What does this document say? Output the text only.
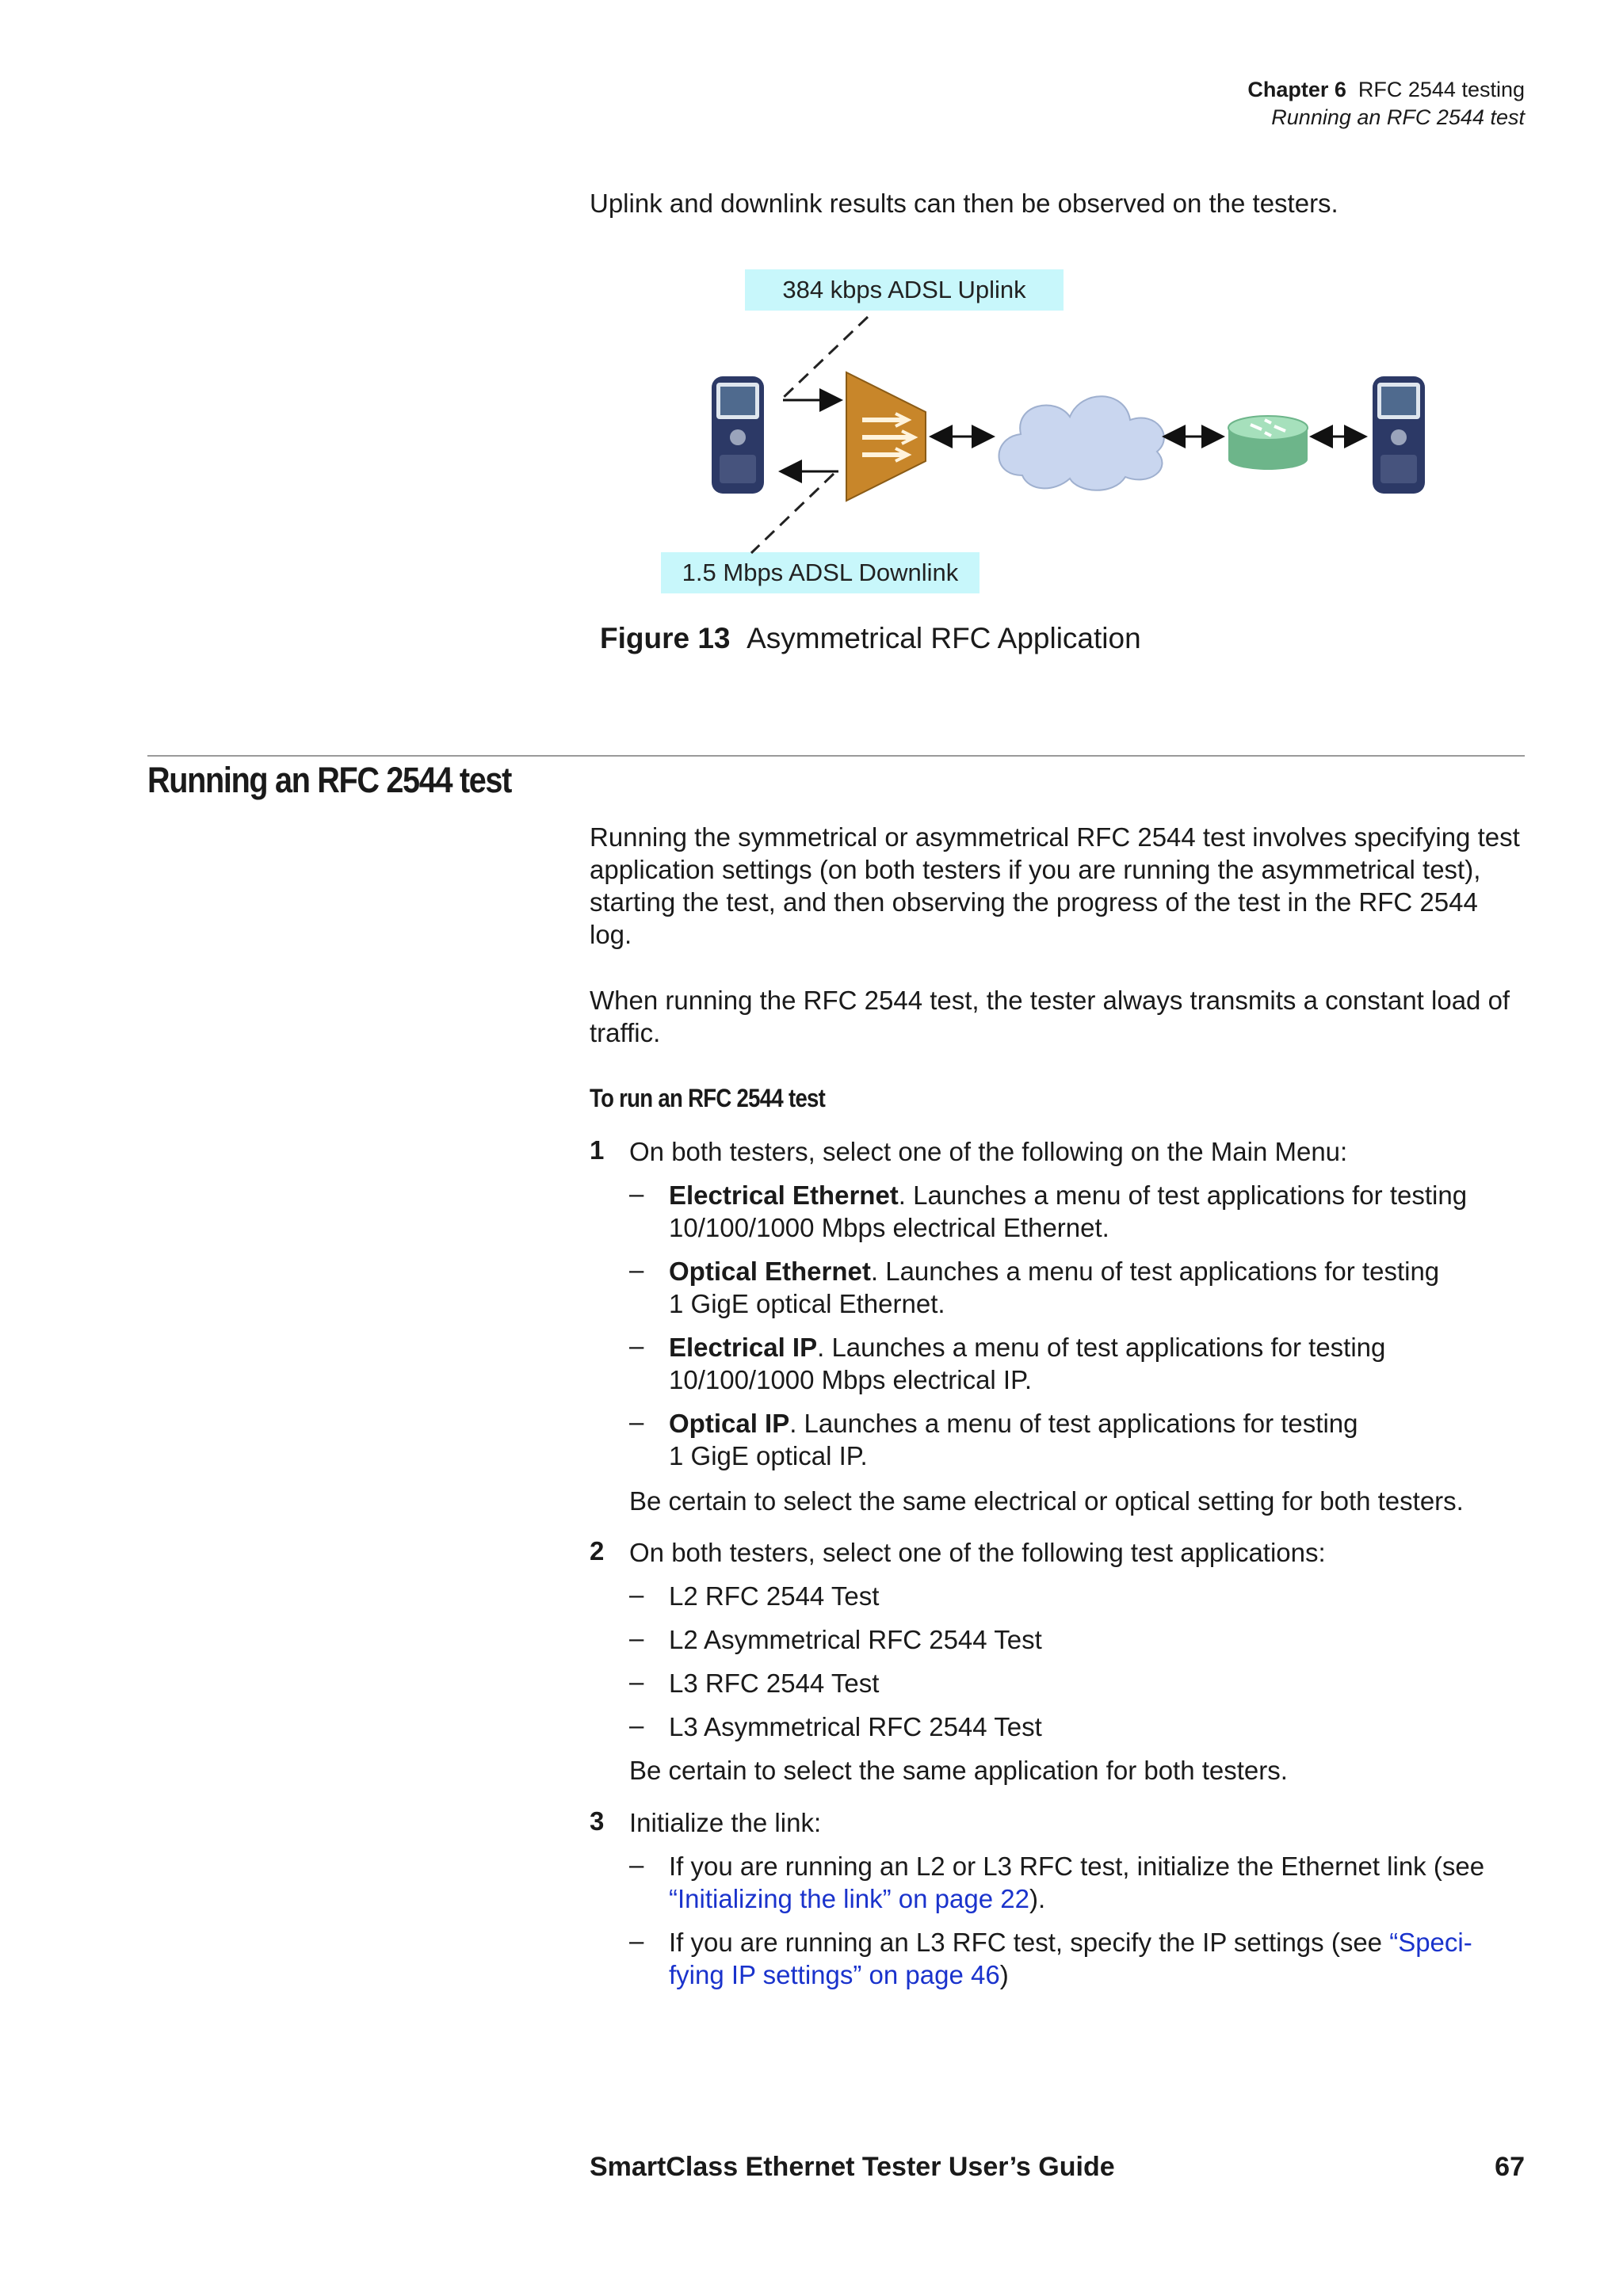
Chapter 6 RFC 2544 testing
Running an RFC 2544 test

Uplink and downlink results can then be observed on the testers.

384 kbps ADSL Uplink
1.5 Mbps ADSL Downlink
Figure 13 Asymmetrical RFC Application
Running an RFC 2544 test

Running the symmetrical or asymmetrical RFC 2544 test involves specifying test application settings (on both testers if you are running the asymmetrical test), starting the test, and then observing the progress of the test in the RFC 2544 log.

When running the RFC 2544 test, the tester always transmits a constant load of traffic.

To run an RFC 2544 test
1 On both testers, select one of the following on the Main Menu:
– Electrical Ethernet. Launches a menu of test applications for testing
10/100/1000 Mbps electrical Ethernet.
– Optical Ethernet. Launches a menu of test applications for testing
1 GigE optical Ethernet.
– Electrical IP. Launches a menu of test applications for testing
10/100/1000 Mbps electrical IP.
– Optical IP. Launches a menu of test applications for testing
1 GigE optical IP.
Be certain to select the same electrical or optical setting for both testers.
2 On both testers, select one of the following test applications:
– L2 RFC 2544 Test
– L2 Asymmetrical RFC 2544 Test
– L3 RFC 2544 Test
– L3 Asymmetrical RFC 2544 Test
Be certain to select the same application for both testers.
3 Initialize the link:
– If you are running an L2 or L3 RFC test, initialize the Ethernet link (see
“Initializing the link” on page 22).
– If you are running an L3 RFC test, specify the IP settings (see “Speci-
fying IP settings” on page 46)
SmartClass Ethernet Tester User’s Guide	67
